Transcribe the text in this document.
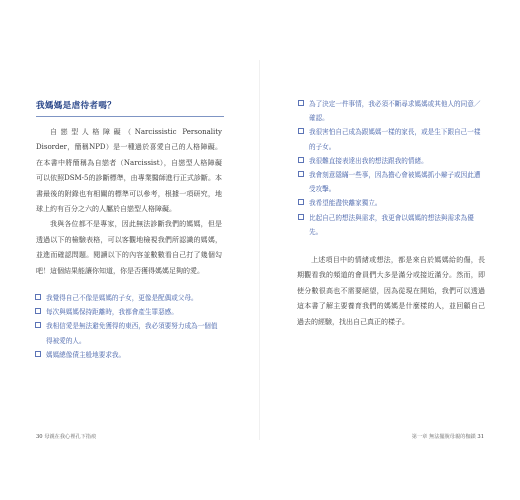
我媽媽是虐待者嗎？

自戀型人格障礙（Narcissistic Personality Disorder，簡稱NPD）是一種過於喜愛自己的人格障礙。在本書中將簡稱為自戀者（Narcissist），自戀型人格障礙可以依照DSM-5的診斷標準，由專業醫師進行正式診斷。本書最後的附錄也有相關的標準可以參考，根據一項研究，地球上約有百分之六的人屬於自戀型人格障礙。

我與各位都不是專家，因此無法診斷我們的媽媽，但是透過以下的檢驗表格，可以客觀地檢視我們所認識的媽媽，並進而確認問題。閱讀以下的內容並數數看自己打了幾個勾吧！這個結果能讓你知道，你是否獲得媽媽足夠的愛。

我覺得自己不像是媽媽的子女，更像是配偶或父母。
每次與媽媽保持距離時，我都會產生罪惡感。
我相信愛是無法避免獲得的東西，我必須要努力成為一個值得被愛的人。
媽媽總像債主般地要求我。
30 母親在我心裡孔下指痕
為了決定一件事情，我必須不斷尋求媽媽或其他人的同意／確認。
我很害怕自己成為跟媽媽一樣的家長，或是生下跟自己一樣的子女。
我很難直接表達出我的想法跟我的情緒。
我會刻意隱瞞一些事，因為擔心會被媽媽抓小辮子或因此遭受攻擊。
我希望能盡快離家獨立。
比起自己的想法與需求，我更會以媽媽的想法與需求為優先。

上述項目中的情緒或想法，都是來自於媽媽給的傷，長期觀看我的頻道的會員們大多是滿分或接近滿分。然而，即使分數很高也不需要絕望，因為從現在開始，我們可以透過這本書了解主要養育我們的媽媽是什麼樣的人，並回顧自己過去的經驗，找出自己真正的樣子。

第一章 無法擺脫母親的枷鎖 31
